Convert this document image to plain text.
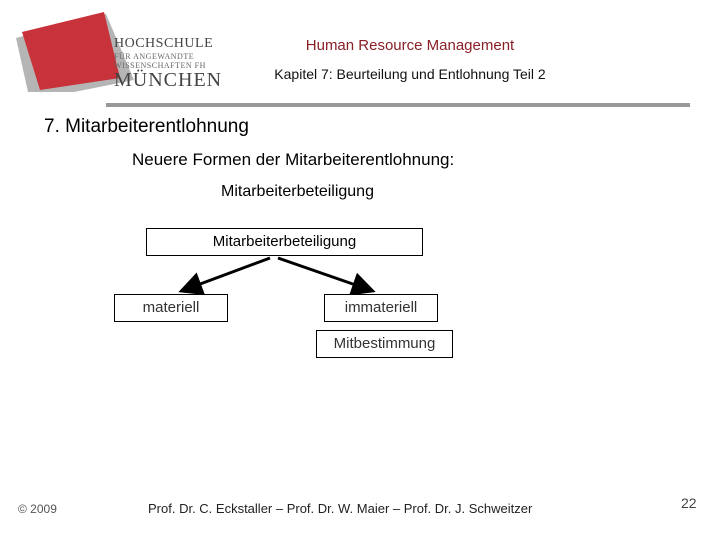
HOCHSCHULE
FÜR ANGEWANDTE
WISSENSCHAFTEN FH
MÜNCHEN
Human Resource Management
Kapitel 7: Beurteilung und Entlohnung Teil 2
7. Mitarbeiterentlohnung
Neuere Formen der Mitarbeiterentlohnung:
Mitarbeiterbeteiligung
Mitarbeiterbeteiligung
materiell	immateriell
Mitbestimmung
© 2009	Prof. Dr. C. Eckstaller – Prof. Dr. W. Maier – Prof. Dr. J. Schweitzer	22
